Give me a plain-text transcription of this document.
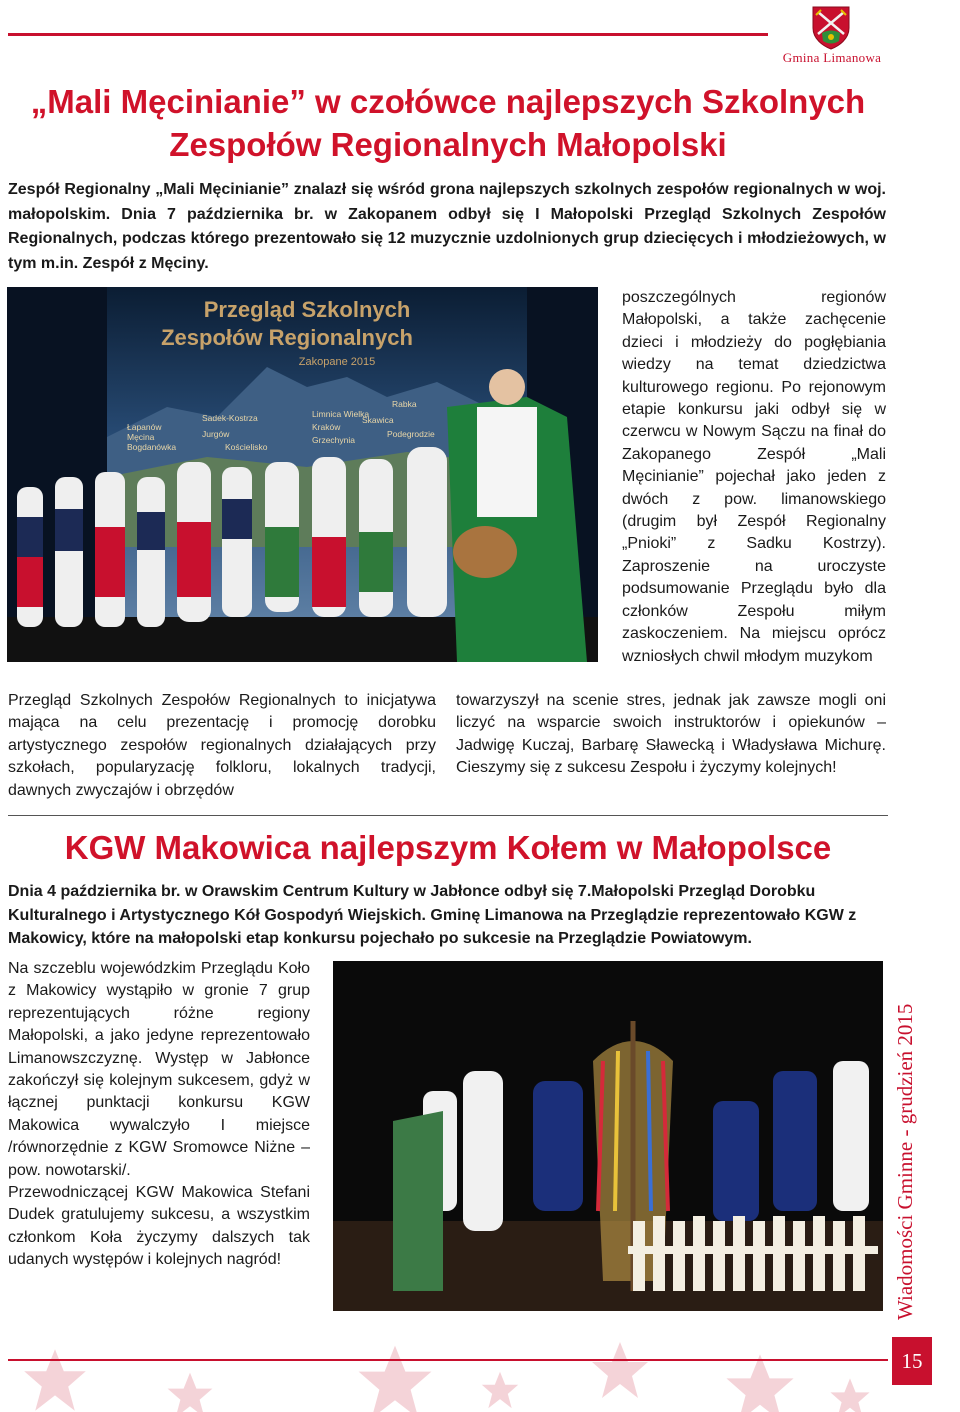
Gmina Limanowa
„Mali Męcinianie” w czołówce najlepszych Szkolnych
Zespołów Regionalnych Małopolski
Zespół Regionalny „Mali Męcinianie” znalazł się wśród grona najlepszych szkolnych zespołów regionalnych w woj. małopolskim. Dnia 7 października br. w Zakopanem odbył się I Małopolski Przegląd Szkolnych Zespołów Regionalnych, podczas którego prezentowało się 12 muzycznie uzdolnionych grup dziecięcych i młodzieżowych, w tym m.in. Zespół z Męciny.
Przegląd Szkolnych
Zespołów Regionalnych
Zakopane 2015
Łapanów
Męcina
Bogdanówka
Sadek-Kostrza
Jurgów
Kościelisko
Limnica Wielka
Kraków
Grzechynia
Rabka
Skawica
Podegrodzie
poszczególnych regionów Małopolski, a także zachęcenie dzieci i młodzieży do pogłębiania wiedzy na temat dziedzictwa kulturowego regionu. Po rejonowym etapie konkursu jaki odbył się w czerwcu w Nowym Sączu na finał do Zakopanego Zespół „Mali Męcinianie” pojechał jako jeden z dwóch z pow. limanowskiego (drugim był Zespół Regionalny „Pnioki” z Sadku Kostrzy). Zaproszenie na uroczyste podsumowanie Przeglądu było dla członków Zespołu miłym zaskoczeniem. Na miejscu oprócz wzniosłych chwil młodym muzykom
Przegląd Szkolnych Zespołów Regionalnych to inicjatywa mająca na celu prezentację i promocję dorobku artystycznego zespołów regionalnych działających przy szkołach, popularyzację folkloru, lokalnych tradycji, dawnych zwyczajów i obrzędów
towarzyszył na scenie stres, jednak jak zawsze mogli oni liczyć na wsparcie swoich instruktorów i opiekunów – Jadwigę Kuczaj, Barbarę Sławecką i Władysława Michurę. Cieszymy się z sukcesu Zespołu i życzymy kolejnych!
KGW Makowica najlepszym Kołem w Małopolsce
Dnia 4 października br. w Orawskim Centrum Kultury w Jabłonce odbył się 7.Małopolski Przegląd Dorobku Kulturalnego i Artystycznego Kół Gospodyń Wiejskich. Gminę Limanowa na Przeglądzie reprezentowało KGW z Makowicy, które na małopolski etap konkursu pojechało po sukcesie na Przeglądzie Powiatowym.
Na szczeblu wojewódzkim Przeglądu Koło z Makowicy wystąpiło w gronie 7 grup reprezentujących różne regiony Małopolski, a jako jedyne reprezentowało Limanowszczyznę. Występ w Jabłonce zakończył się kolejnym sukcesem, gdyż w łącznej punktacji konkursu KGW Makowica wywalczyło I miejsce /równorzędnie z KGW Sromowce Niżne – pow. nowotarski/.
Przewodniczącej KGW Makowica Stefani Dudek gratulujemy sukcesu, a wszystkim członkom Koła życzymy dalszych tak udanych występów i kolejnych nagród!	Wiadomości Gminne - grudzień 2015
15
